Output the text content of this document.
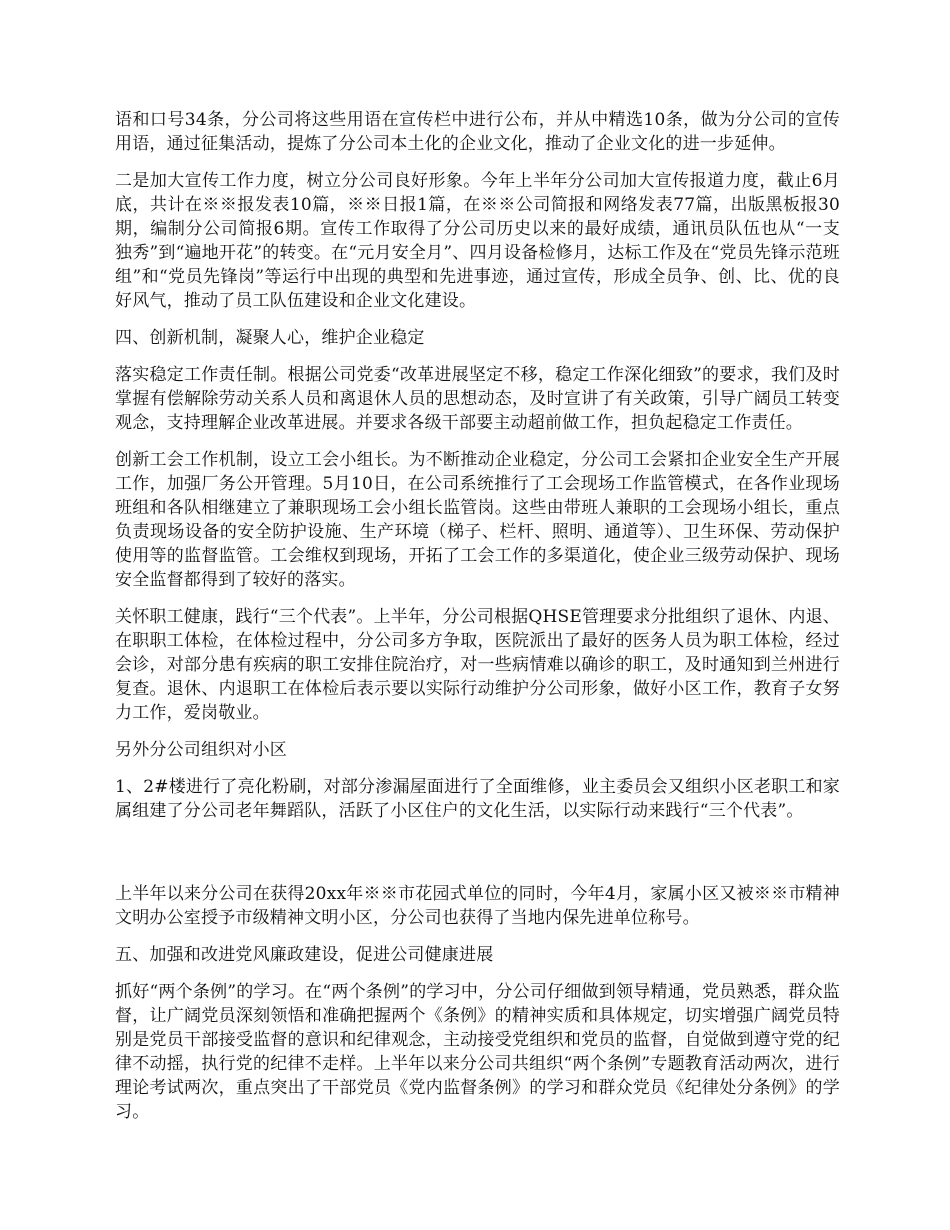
语和口号34条，分公司将这些用语在宣传栏中进行公布，并从中精选10条，做为分公司的宣传用语，通过征集活动，提炼了分公司本土化的企业文化，推动了企业文化的进一步延伸。

二是加大宣传工作力度，树立分公司良好形象。今年上半年分公司加大宣传报道力度，截止6月底，共计在※※报发表10篇，※※日报1篇，在※※公司简报和网络发表77篇，出版黑板报30期，编制分公司简报6期。宣传工作取得了分公司历史以来的最好成绩，通讯员队伍也从“一支独秀”到“遍地开花”的转变。在“元月安全月”、四月设备检修月，达标工作及在“党员先锋示范班组”和“党员先锋岗”等运行中出现的典型和先进事迹，通过宣传，形成全员争、创、比、优的良好风气，推动了员工队伍建设和企业文化建设。

四、创新机制，凝聚人心，维护企业稳定

落实稳定工作责任制。根据公司党委“改革进展坚定不移，稳定工作深化细致”的要求，我们及时掌握有偿解除劳动关系人员和离退休人员的思想动态，及时宣讲了有关政策，引导广阔员工转变观念，支持理解企业改革进展。并要求各级干部要主动超前做工作，担负起稳定工作责任。

创新工会工作机制，设立工会小组长。为不断推动企业稳定，分公司工会紧扣企业安全生产开展工作，加强厂务公开管理。5月10日，在公司系统推行了工会现场工作监管模式，在各作业现场班组和各队相继建立了兼职现场工会小组长监管岗。这些由带班人兼职的工会现场小组长，重点负责现场设备的安全防护设施、生产环境（梯子、栏杆、照明、通道等）、卫生环保、劳动保护使用等的监督监管。工会维权到现场，开拓了工会工作的多渠道化，使企业三级劳动保护、现场安全监督都得到了较好的落实。

关怀职工健康，践行“三个代表”。上半年，分公司根据QHSE管理要求分批组织了退休、内退、在职职工体检，在体检过程中，分公司多方争取，医院派出了最好的医务人员为职工体检，经过会诊，对部分患有疾病的职工安排住院治疗，对一些病情难以确诊的职工，及时通知到兰州进行复查。退休、内退职工在体检后表示要以实际行动维护分公司形象，做好小区工作，教育子女努力工作，爱岗敬业。

另外分公司组织对小区

1、2#楼进行了亮化粉刷，对部分渗漏屋面进行了全面维修，业主委员会又组织小区老职工和家属组建了分公司老年舞蹈队，活跃了小区住户的文化生活，以实际行动来践行“三个代表”。

上半年以来分公司在获得20xx年※※市花园式单位的同时，今年4月，家属小区又被※※市精神文明办公室授予市级精神文明小区，分公司也获得了当地内保先进单位称号。

五、加强和改进党风廉政建设，促进公司健康进展

抓好“两个条例”的学习。在“两个条例”的学习中，分公司仔细做到领导精通，党员熟悉，群众监督，让广阔党员深刻领悟和准确把握两个《条例》的精神实质和具体规定，切实增强广阔党员特别是党员干部接受监督的意识和纪律观念，主动接受党组织和党员的监督，自觉做到遵守党的纪律不动摇，执行党的纪律不走样。上半年以来分公司共组织“两个条例”专题教育活动两次，进行理论考试两次，重点突出了干部党员《党内监督条例》的学习和群众党员《纪律处分条例》的学习。
